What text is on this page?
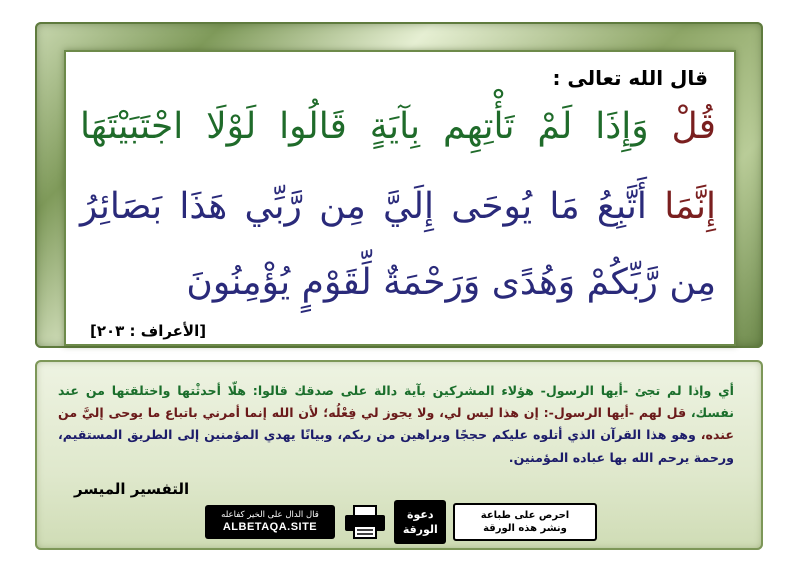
قال الله تعالى :

قُلْ وَإِذَا لَمْ تَأْتِهِم بِآيَةٍ قَالُوا لَوْلَا اجْتَبَيْتَهَا

إِنَّمَا أَتَّبِعُ مَا يُوحَى إِلَيَّ مِن رَّبِّي هَذَا بَصَائِرُ

مِن رَّبِّكُمْ وَهُدًى وَرَحْمَةٌ لِّقَوْمٍ يُؤْمِنُونَ

[الأعراف : ٢٠٣]

أي وإذا لم تجئ -أيها الرسول- هؤلاء المشركين بآية دالة على صدقك قالوا: هلّا أحدثْتها واختلقتها من عند نفسك، قل لهم -أيها الرسول-: إن هذا ليس لي، ولا يجوز لي فِعْلُه؛ لأن الله إنما أمرني باتباع ما يوحى إليَّ من عنده، وهو هذا القرآن الذي أتلوه عليكم حججًا وبراهين من ربكم، وبيانًا يهدي المؤمنين إلى الطريق المستقيم، ورحمة يرحم الله بها عباده المؤمنين.

التفسير الميسر

قال الدال على الخير كفاعله
ALBETAQA.SITE
دعوة
الورقة
احرص على طباعة
ونشر هذه الورقة
